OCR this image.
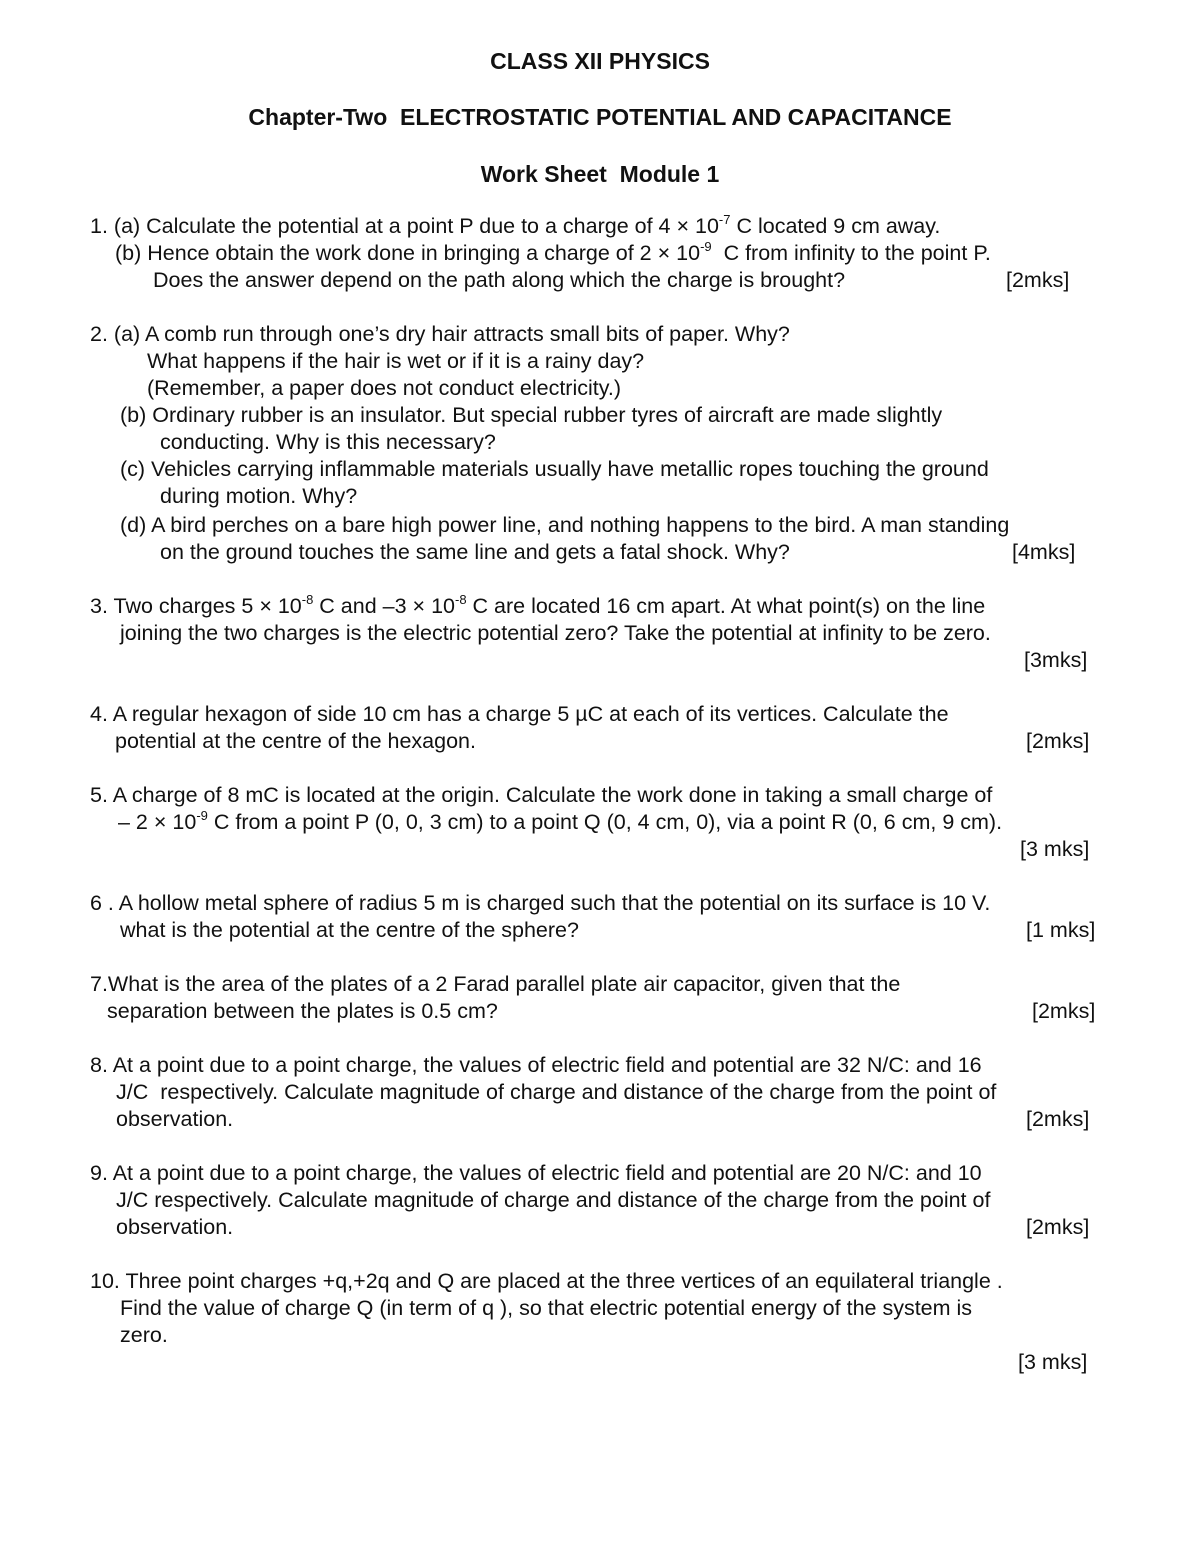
CLASS XII PHYSICS
Chapter-Two  ELECTROSTATIC POTENTIAL AND CAPACITANCE
Work Sheet  Module 1
1. (a) Calculate the potential at a point P due to a charge of $4 \times 10^{-7}$ C located 9 cm away.
(b) Hence obtain the work done in bringing a charge of $2 \times 10^{-9}$  C from infinity to the point P.
Does the answer depend on the path along which the charge is brought?	[2mks]
2. (a) A comb run through one’s dry hair attracts small bits of paper. Why?
What happens if the hair is wet or if it is a rainy day?
(Remember, a paper does not conduct electricity.)
(b) Ordinary rubber is an insulator. But special rubber tyres of aircraft are made slightly
conducting. Why is this necessary?
(c) Vehicles carrying inflammable materials usually have metallic ropes touching the ground
during motion. Why?
(d) A bird perches on a bare high power line, and nothing happens to the bird. A man standing
on the ground touches the same line and gets a fatal shock. Why?	[4mks]
3. Two charges $5 \times 10^{-8}$ C and $-3 \times 10^{-8}$ C are located 16 cm apart. At what point(s) on the line
joining the two charges is the electric potential zero? Take the potential at infinity to be zero.
[3mks]
4. A regular hexagon of side 10 cm has a charge 5 µC at each of its vertices. Calculate the
potential at the centre of the hexagon.	[2mks]
5. A charge of 8 mC is located at the origin. Calculate the work done in taking a small charge of
– $2 \times 10^{-9}$ C from a point P (0, 0, 3 cm) to a point Q (0, 4 cm, 0), via a point R (0, 6 cm, 9 cm).
[3 mks]
6 . A hollow metal sphere of radius 5 m is charged such that the potential on its surface is 10 V.
what is the potential at the centre of the sphere?	[1 mks]
7.What is the area of the plates of a 2 Farad parallel plate air capacitor, given that the
separation between the plates is 0.5 cm?	[2mks]
8. At a point due to a point charge, the values of electric field and potential are 32 N/C: and 16
J/C  respectively. Calculate magnitude of charge and distance of the charge from the point of
observation.	[2mks]
9. At a point due to a point charge, the values of electric field and potential are 20 N/C: and 10
J/C respectively. Calculate magnitude of charge and distance of the charge from the point of
observation.	[2mks]
10. Three point charges +q,+2q and Q are placed at the three vertices of an equilateral triangle .
Find the value of charge Q (in term of q ), so that electric potential energy of the system is
zero.
[3 mks]
